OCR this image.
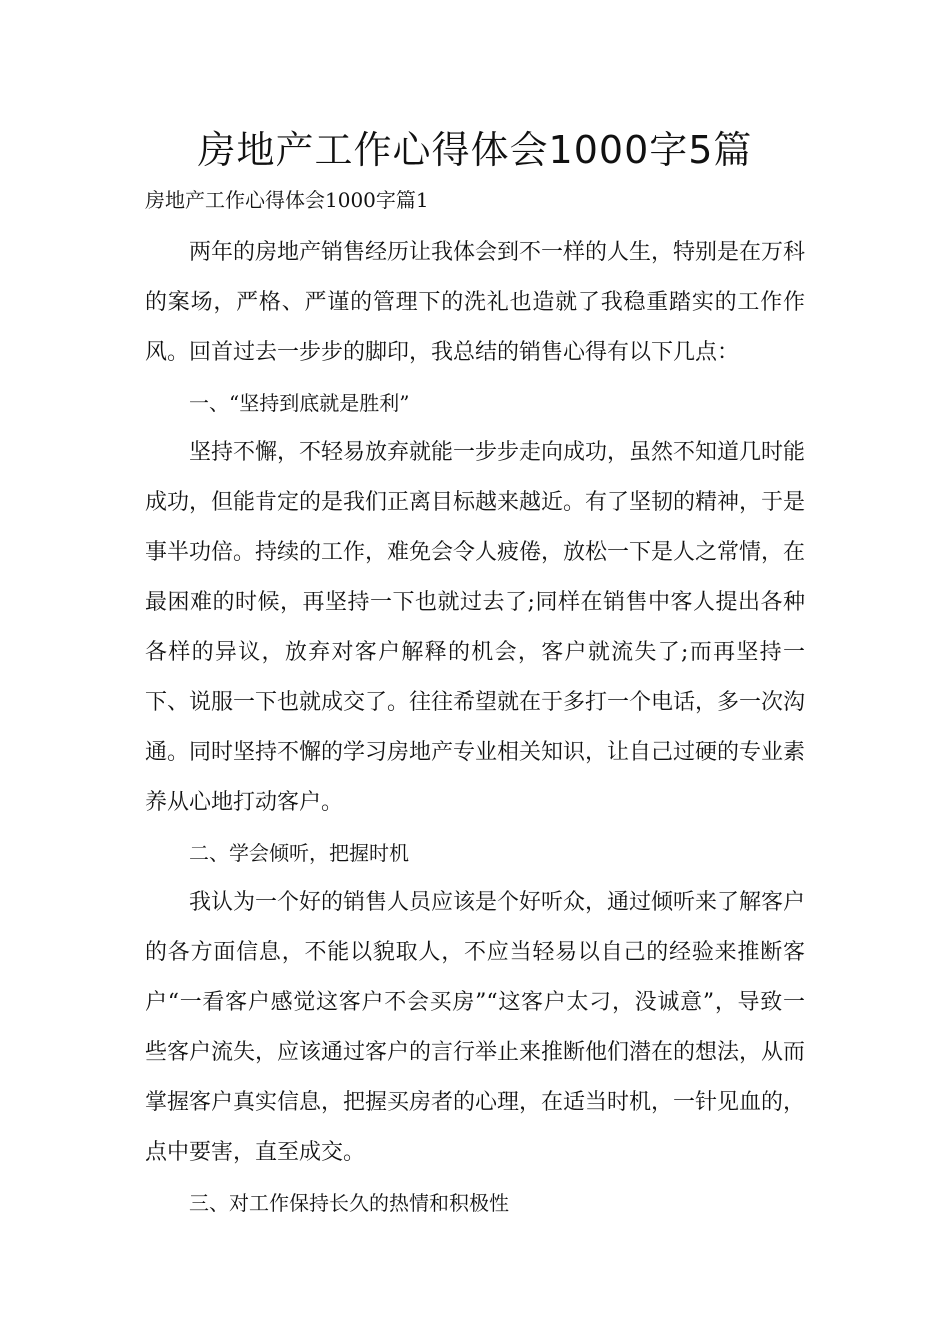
房地产工作心得体会1000字5篇

房地产工作心得体会1000字篇1

两年的房地产销售经历让我体会到不一样的人生，特别是在万科的案场，严格、严谨的管理下的洗礼也造就了我稳重踏实的工作作风。回首过去一步步的脚印，我总结的销售心得有以下几点：

一、“坚持到底就是胜利”

坚持不懈，不轻易放弃就能一步步走向成功，虽然不知道几时能成功，但能肯定的是我们正离目标越来越近。有了坚韧的精神，于是事半功倍。持续的工作，难免会令人疲倦，放松一下是人之常情，在最困难的时候，再坚持一下也就过去了;同样在销售中客人提出各种各样的异议，放弃对客户解释的机会，客户就流失了;而再坚持一下、说服一下也就成交了。往往希望就在于多打一个电话，多一次沟通。同时坚持不懈的学习房地产专业相关知识，让自己过硬的专业素养从心地打动客户。

二、学会倾听，把握时机

我认为一个好的销售人员应该是个好听众，通过倾听来了解客户的各方面信息，不能以貌取人，不应当轻易以自己的经验来推断客户“一看客户感觉这客户不会买房”“这客户太刁，没诚意”，导致一些客户流失，应该通过客户的言行举止来推断他们潜在的想法，从而掌握客户真实信息，把握买房者的心理，在适当时机，一针见血的，点中要害，直至成交。

三、对工作保持长久的热情和积极性
